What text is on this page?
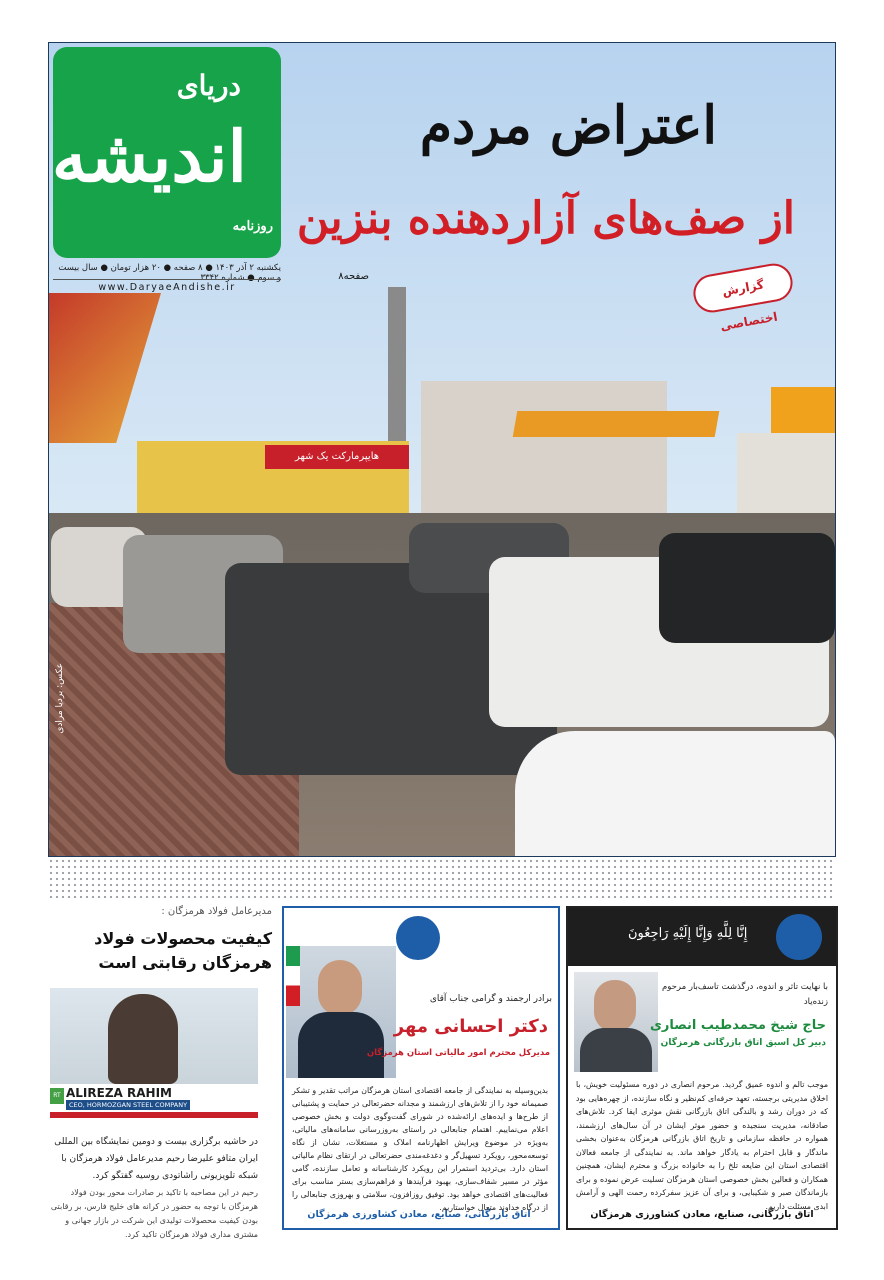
هایپرمارکت یک شهر
عکس: بردیا مرادی
دریای
اندیشه
روزنامه
یکشنبه ۲ آذر ۱۴۰۳ ● ۸ صفحه ● ۲۰ هزار تومان ● سال بیست و سوم ● شماره ۳۳۴۲
www.DaryaeAndishe.ir
اعتراض مردم
از صف‌های آزاردهنده بنزین
صفحه۸
گزارش اختصاصی

مدیرعامل فولاد هرمزگان :

کیفیت محصولات فولاد هرمزگان رقابتی است

RT ALIREZA RAHIM
CEO, HORMOZGAN STEEL COMPANY

در حاشیه برگزاری بیست و دومین نمایشگاه بین المللی ایران متافو علیرضا رحیم مدیرعامل فولاد هرمزگان با شبکه تلویزیونی راشاتودی روسیه گفتگو کرد.

رحیم در این مصاحبه با تاکید بر صادرات محور بودن فولاد هرمزگان با توجه به حضور در کرانه های خلیج فارس، بر رقابتی بودن کیفیت محصولات تولیدی این شرکت در بازار جهانی و مشتری مداری فولاد هرمزگان تاکید کرد.

برادر ارجمند و گرامی جناب آقای

دکتر احسانی مهر

مدیرکل محترم امور مالیاتی استان هرمزگان

بدین‌وسیله به نمایندگی از جامعه اقتصادی استان هرمزگان مراتب تقدیر و تشکر صمیمانه خود را از تلاش‌های ارزشمند و مجدانه حضرتعالی در حمایت و پشتیبانی از طرح‌ها و ایده‌های ارائه‌شده در شورای گفت‌وگوی دولت و بخش خصوصی اعلام می‌نماییم. اهتمام جنابعالی در راستای به‌روزرسانی سامانه‌های مالیاتی، به‌ویژه در موضوع ویرایش اظهارنامه املاک و مستغلات، نشان از نگاه توسعه‌محور، رویکرد تسهیل‌گر و دغدغه‌مندی حضرتعالی در ارتقای نظام مالیاتی استان دارد. بی‌تردید استمرار این رویکرد کارشناسانه و تعامل سازنده، گامی مؤثر در مسیر شفاف‌سازی، بهبود فرآیندها و فراهم‌سازی بستر مناسب برای فعالیت‌های اقتصادی خواهد بود. توفیق روزافزون، سلامتی و بهروزی جنابعالی را از درگاه خداوند متعال خواستاریم.

اتاق بازرگانی، صنایع، معادن کشاورزی هرمزگان

إِنَّا لِلَّهِ وَإِنَّا إِلَيْهِ رَاجِعُونَ

با نهایت تاثر و اندوه، درگذشت تاسف‌بار مرحوم زنده‌یاد

حاج شیخ محمدطیب انصاری

دبیر کل اسبق اتاق بازرگانی هرمزگان

موجب تالم و اندوه عمیق گردید. مرحوم انصاری در دوره مسئولیت خویش، با اخلاق مدیریتی برجسته، تعهد حرفه‌ای کم‌نظیر و نگاه سازنده، از چهره‌هایی بود که در دوران رشد و بالندگی اتاق بازرگانی نقش موثری ایفا کرد. تلاش‌های صادقانه، مدیریت سنجیده و حضور موثر ایشان در آن سال‌های ارزشمند، همواره در حافظه سازمانی و تاریخ اتاق بازرگانی هرمزگان به‌عنوان بخشی ماندگار و قابل احترام به یادگار خواهد ماند. به نمایندگی از جامعه فعالان اقتصادی استان این ضایعه تلخ را به خانواده بزرگ و محترم ایشان، همچنین همکاران و فعالین بخش خصوصی استان هرمزگان تسلیت عرض نموده و برای بازماندگان صبر و شکیبایی، و برای آن عزیز سفرکرده رحمت الهی و آرامش ابدی مسئلت داریم.

اتاق بازرگانی، صنایع، معادن کشاورزی هرمزگان
